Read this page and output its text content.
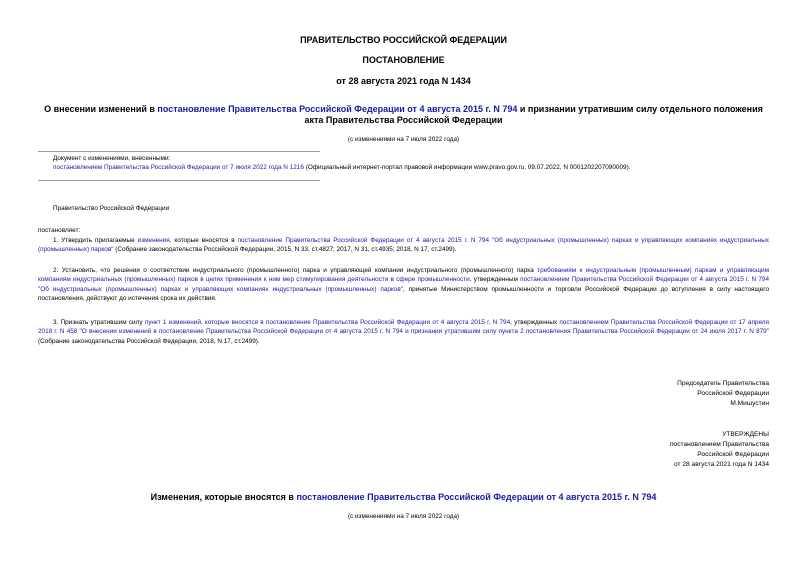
ПРАВИТЕЛЬСТВО РОССИЙСКОЙ ФЕДЕРАЦИИ
ПОСТАНОВЛЕНИЕ
от 28 августа 2021 года N 1434
О внесении изменений в постановление Правительства Российской Федерации от 4 августа 2015 г. N 794 и признании утратившим силу отдельного положения
акта Правительства Российской Федерации
(с изменениями на 7 июля 2022 года)
Документ с изменениями, внесенными:
постановлением Правительства Российской Федерации от 7 июля 2022 года N 1216 (Официальный интернет-портал правовой информации www.pravo.gov.ru, 09.07.2022, N 0001202207090009).
Правительство Российской Федерации
постановляет:
1. Утвердить прилагаемые изменения, которые вносятся в постановление Правительства Российской Федерации от 4 августа 2015 г. N 794 "Об индустриальных (промышленных) парках и управляющих компаниях индустриальных (промышленных) парков" (Собрание законодательства Российской Федерации, 2015, N 33, ст.4827; 2017, N 31, ст.4935; 2018, N 17, ст.2499).
2. Установить, что решения о соответствии индустриального (промышленного) парка и управляющей компании индустриального (промышленного) парка требованиям к индустриальным (промышленным) паркам и управляющим компаниям индустриальных (промышленных) парков в целях применения к ним мер стимулирования деятельности в сфере промышленности, утвержденным постановлением Правительства Российской Федерации от 4 августа 2015 г. N 794 "Об индустриальных (промышленных) парках и управляющих компаниях индустриальных (промышленных) парков", принятые Министерством промышленности и торговли Российской Федерации до вступления в силу настоящего постановления, действуют до истечения срока их действия.
3. Признать утратившим силу пункт 1 изменений, которые вносятся в постановление Правительства Российской Федерации от 4 августа 2015 г. N 794, утвержденных постановлением Правительства Российской Федерации от 17 апреля 2018 г. N 458 "О внесении изменений в постановление Правительства Российской Федерации от 4 августа 2015 г. N 794 и признании утратившим силу пункта 2 постановления Правительства Российской Федерации от 24 июля 2017 г. N 879" (Собрание законодательства Российской Федерации, 2018, N 17, ст.2499).
Председатель Правительства
Российской Федерации
М.Мишустин
УТВЕРЖДЕНЫ
постановлением Правительства
Российской Федерации
от 28 августа 2021 года N 1434
Изменения, которые вносятся в постановление Правительства Российской Федерации от 4 августа 2015 г. N 794
(с изменениями на 7 июля 2022 года)
